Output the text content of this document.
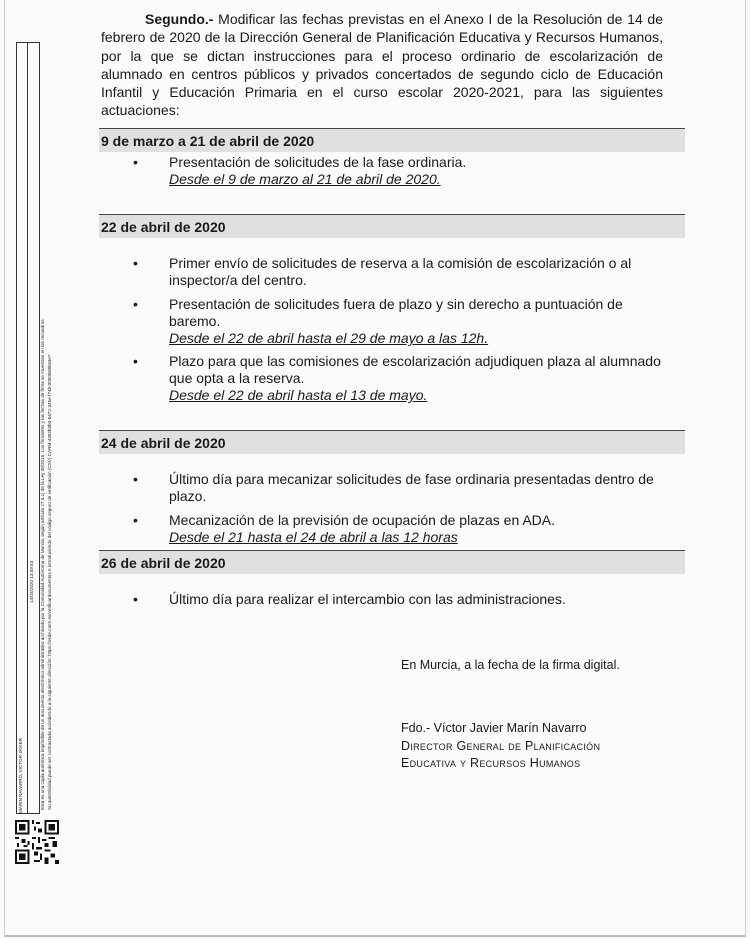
MARIN NAVARRO, VICTOR JAVIER
14/03/2020 13:49:53 Esta es una copia auténtica imprimible de un documento electrónico administrativo archivado por la Comunidad Autónoma de Murcia, según artículo 27.3.c) de la Ley 39/2015. Los firmantes y las fechas de firma se muestran en los recuadros. Su autenticidad puede ser contrastada accediendo a la siguiente dirección: https://sede.carm.es/verificardocumentos e introduciendo del código seguro de verificación (CSV) CARM-4382b3b0-6472-345e-f74b-0050569b34e7
Segundo.- Modificar las fechas previstas en el Anexo I de la Resolución de 14 de febrero de 2020 de la Dirección General de Planificación Educativa y Recursos Humanos, por la que se dictan instrucciones para el proceso ordinario de escolarización de alumnado en centros públicos y privados concertados de segundo ciclo de Educación Infantil y Educación Primaria en el curso escolar 2020-2021, para las siguientes actuaciones:
9 de marzo a 21 de abril de 2020
•	Presentación de solicitudes de la fase ordinaria.
Desde el 9 de marzo al 21 de abril de 2020.
22 de abril de 2020
•	Primer envío de solicitudes de reserva a la comisión de escolarización o al inspector/a del centro.
•	Presentación de solicitudes fuera de plazo y sin derecho a puntuación de baremo.
Desde el 22 de abril hasta el 29 de mayo a las 12h.
•	Plazo para que las comisiones de escolarización adjudiquen plaza al alumnado que opta a la reserva.
Desde el 22 de abril hasta el 13 de mayo.
24 de abril de 2020
•	Último día para mecanizar solicitudes de fase ordinaria presentadas dentro de plazo.
•	Mecanización de la previsión de ocupación de plazas en ADA.
Desde el 21 hasta el 24 de abril a las 12 horas
26 de abril de 2020
•	Último día para realizar el intercambio con las administraciones.
En Murcia, a la fecha de la firma digital.
Fdo.- Víctor Javier Marín Navarro
Director General de Planificación
Educativa y Recursos Humanos
